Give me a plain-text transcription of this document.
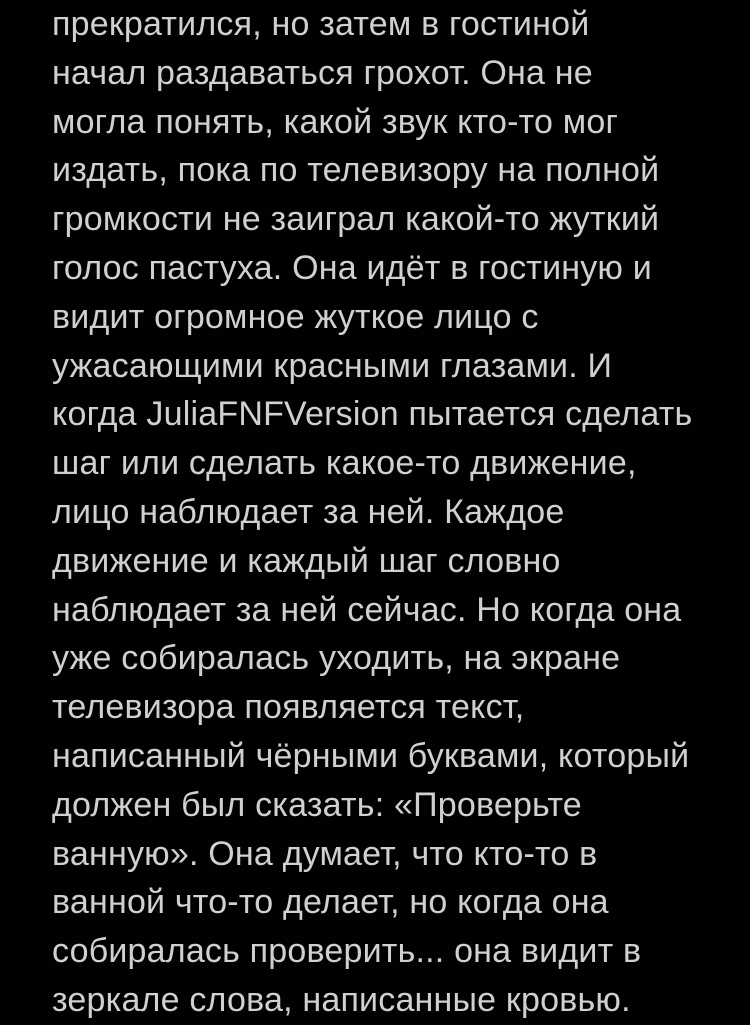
прекратился, но затем в гостиной

начал раздаваться грохот. Она не

могла понять, какой звук кто-то мог

издать, пока по телевизору на полной

громкости не заиграл какой-то жуткий

голос пастуха. Она идёт в гостиную и

видит огромное жуткое лицо с

ужасающими красными глазами. И

когда JuliaFNFVersion пытается сделать

шаг или сделать какое-то движение,

лицо наблюдает за ней. Каждое

движение и каждый шаг словно

наблюдает за ней сейчас. Но когда она

уже собиралась уходить, на экране

телевизора появляется текст,

написанный чёрными буквами, который

должен был сказать: «Проверьте

ванную». Она думает, что кто-то в

ванной что-то делает, но когда она

собиралась проверить... она видит в

зеркале слова, написанные кровью.
